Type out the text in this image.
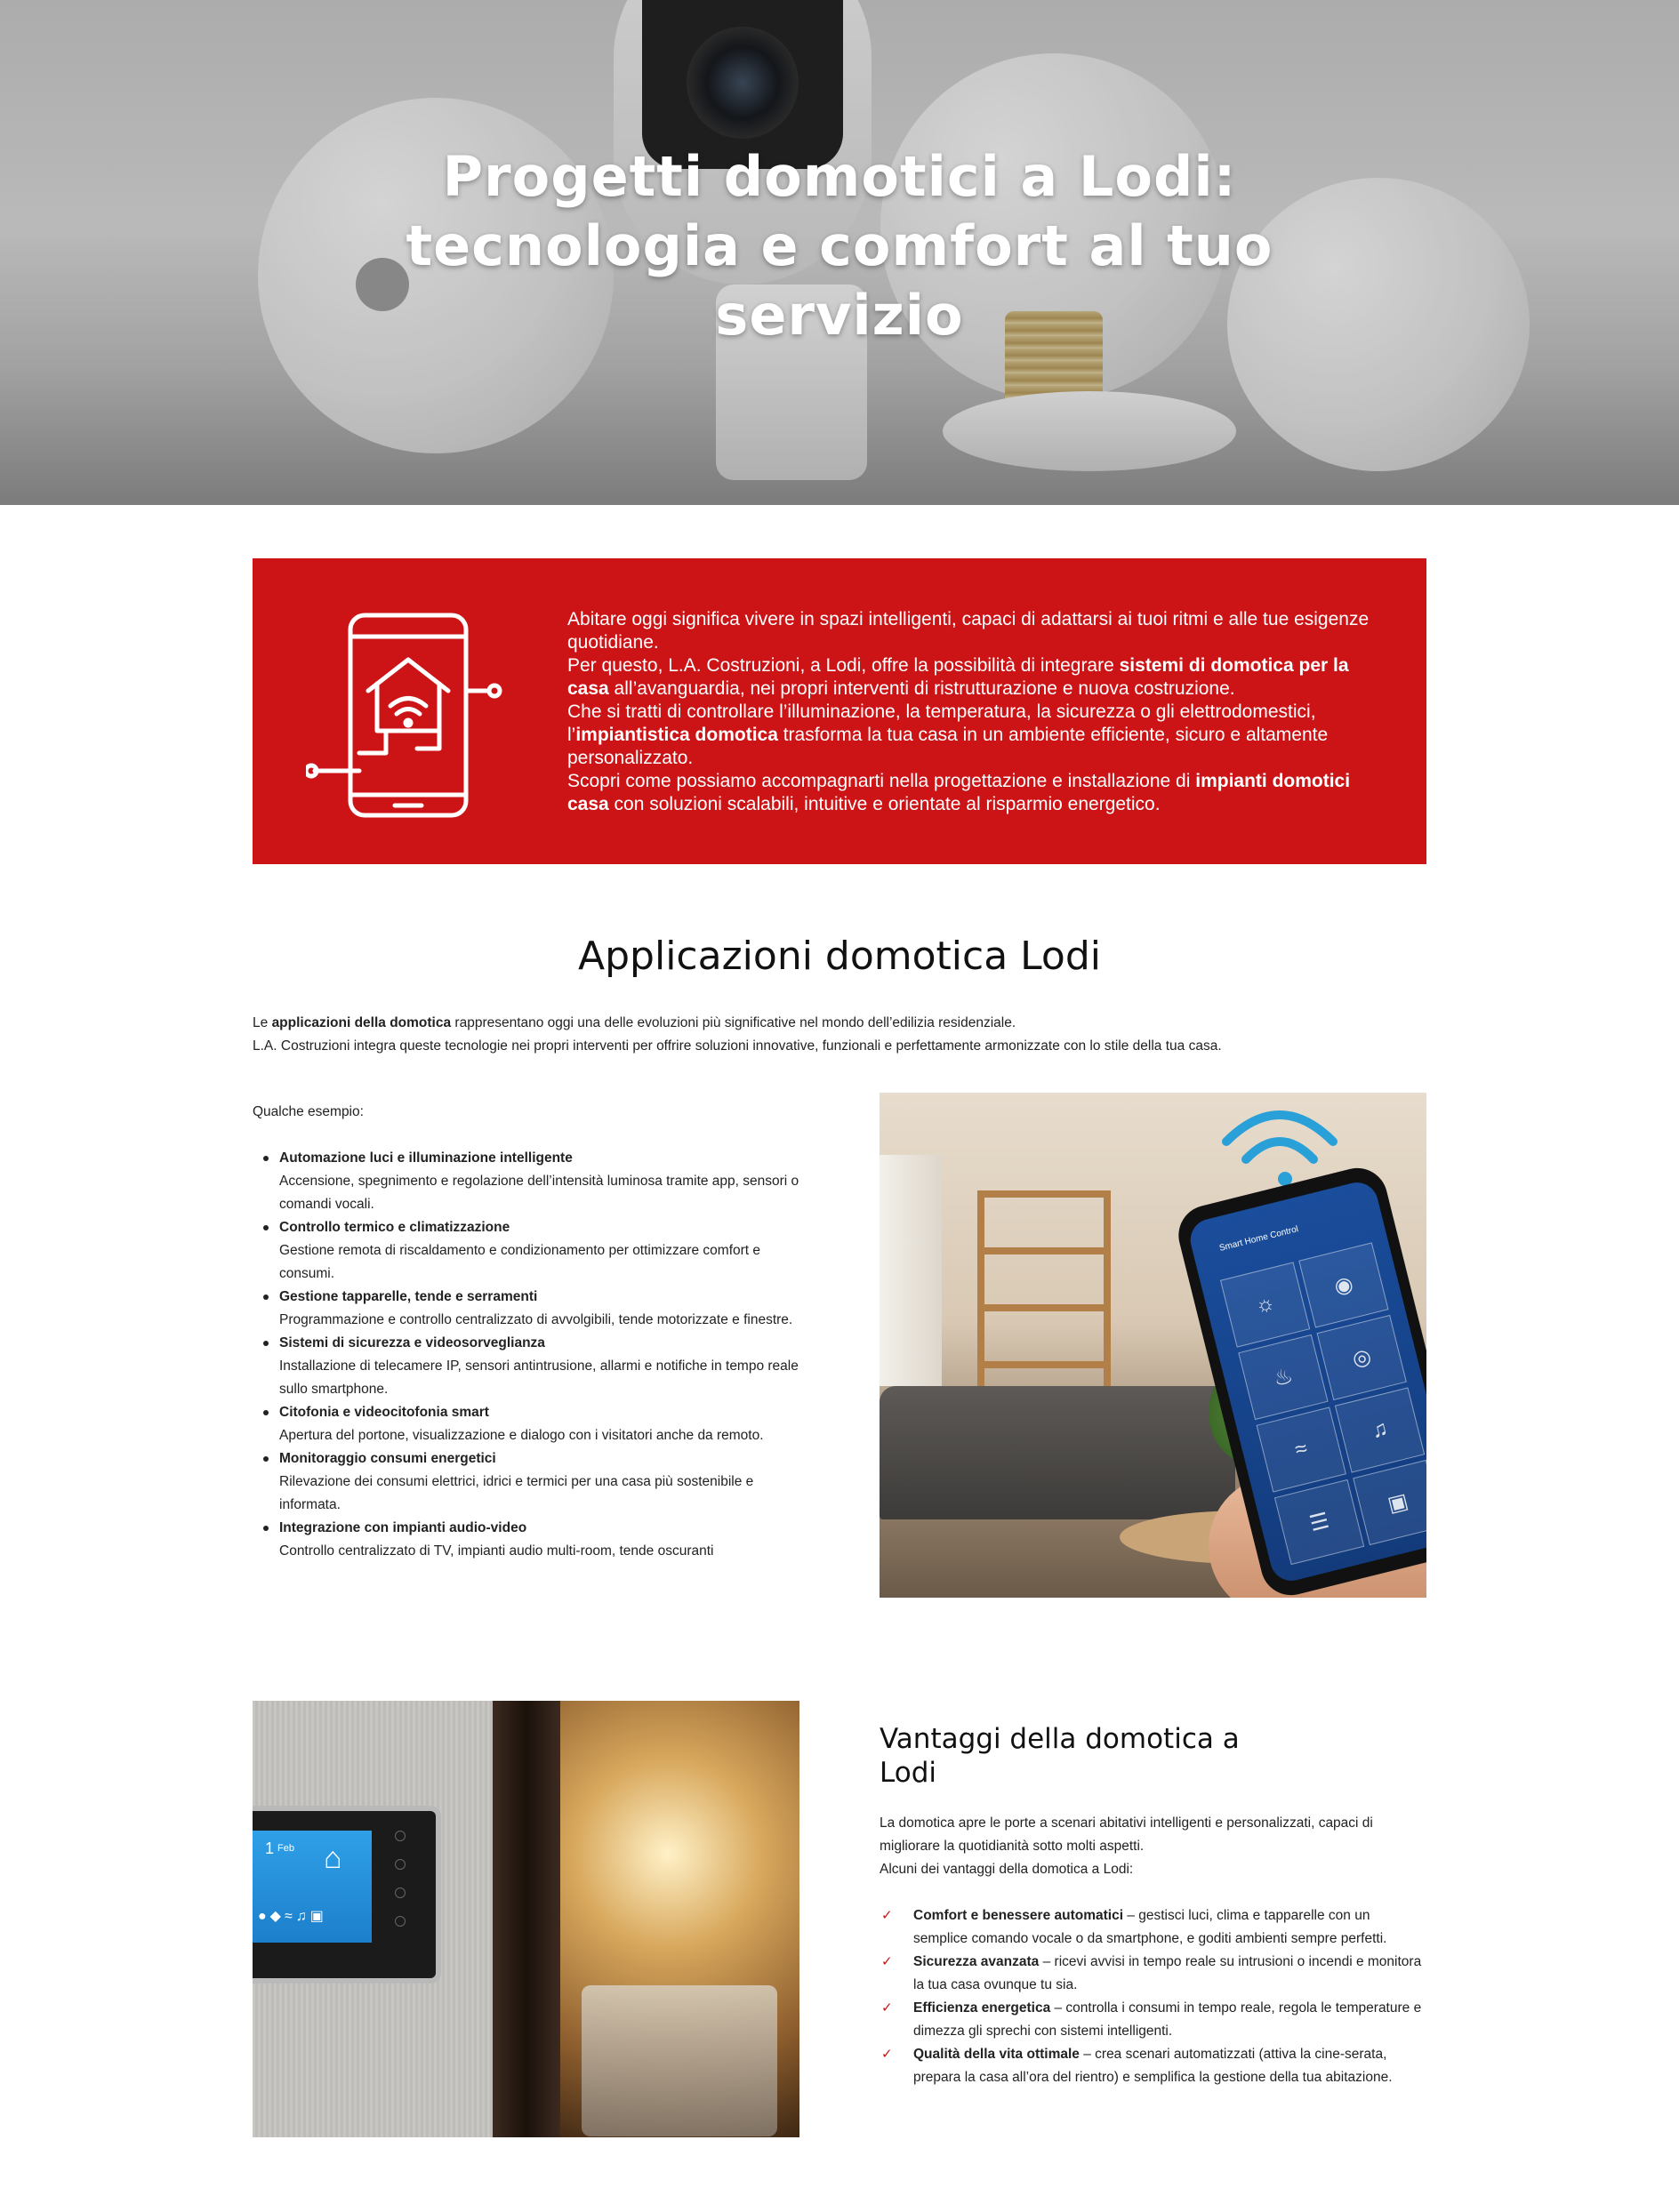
Progetti domotici a Lodi: tecnologia e comfort al tuo servizio

Abitare oggi significa vivere in spazi intelligenti, capaci di adattarsi ai tuoi ritmi e alle tue esigenze quotidiane.

Per questo, L.A. Costruzioni, a Lodi, offre la possibilità di integrare sistemi di domotica per la casa all’avanguardia, nei propri interventi di ristrutturazione e nuova costruzione.

Che si tratti di controllare l’illuminazione, la temperatura, la sicurezza o gli elettrodomestici, l’impiantistica domotica trasforma la tua casa in un ambiente efficiente, sicuro e altamente personalizzato.

Scopri come possiamo accompagnarti nella progettazione e installazione di impianti domotici casa con soluzioni scalabili, intuitive e orientate al risparmio energetico.

Applicazioni domotica Lodi

Le applicazioni della domotica rappresentano oggi una delle evoluzioni più significative nel mondo dell’edilizia residenziale.

L.A. Costruzioni integra queste tecnologie nei propri interventi per offrire soluzioni innovative, funzionali e perfettamente armonizzate con lo stile della tua casa.

Qualche esempio:

Automazione luci e illuminazione intelligente
Accensione, spegnimento e regolazione dell’intensità luminosa tramite app, sensori o comandi vocali.
Controllo termico e climatizzazione
Gestione remota di riscaldamento e condizionamento per ottimizzare comfort e consumi.
Gestione tapparelle, tende e serramenti
Programmazione e controllo centralizzato di avvolgibili, tende motorizzate e finestre.
Sistemi di sicurezza e videosorveglianza
Installazione di telecamere IP, sensori antintrusione, allarmi e notifiche in tempo reale sullo smartphone.
Citofonia e videocitofonia smart
Apertura del portone, visualizzazione e dialogo con i visitatori anche da remoto.
Monitoraggio consumi energetici
Rilevazione dei consumi elettrici, idrici e termici per una casa più sostenibile e informata.
Integrazione con impianti audio-video
Controllo centralizzato di TV, impianti audio multi-room, tende oscuranti
Smart Home Control
☼
◉
♨
◎
≈
♫
☰
▣
1 Feb ⌂
●◆≈♫▣
Vantaggi della domotica a Lodi

La domotica apre le porte a scenari abitativi intelligenti e personalizzati, capaci di migliorare la quotidianità sotto molti aspetti.

Alcuni dei vantaggi della domotica a Lodi:

✓ Comfort e benessere automatici – gestisci luci, clima e tapparelle con un semplice comando vocale o da smartphone, e goditi ambienti sempre perfetti.
✓ Sicurezza avanzata – ricevi avvisi in tempo reale su intrusioni o incendi e monitora la tua casa ovunque tu sia.
✓ Efficienza energetica – controlla i consumi in tempo reale, regola le temperature e dimezza gli sprechi con sistemi intelligenti.
✓ Qualità della vita ottimale – crea scenari automatizzati (attiva la cine-serata, prepara la casa all’ora del rientro) e semplifica la gestione della tua abitazione.
